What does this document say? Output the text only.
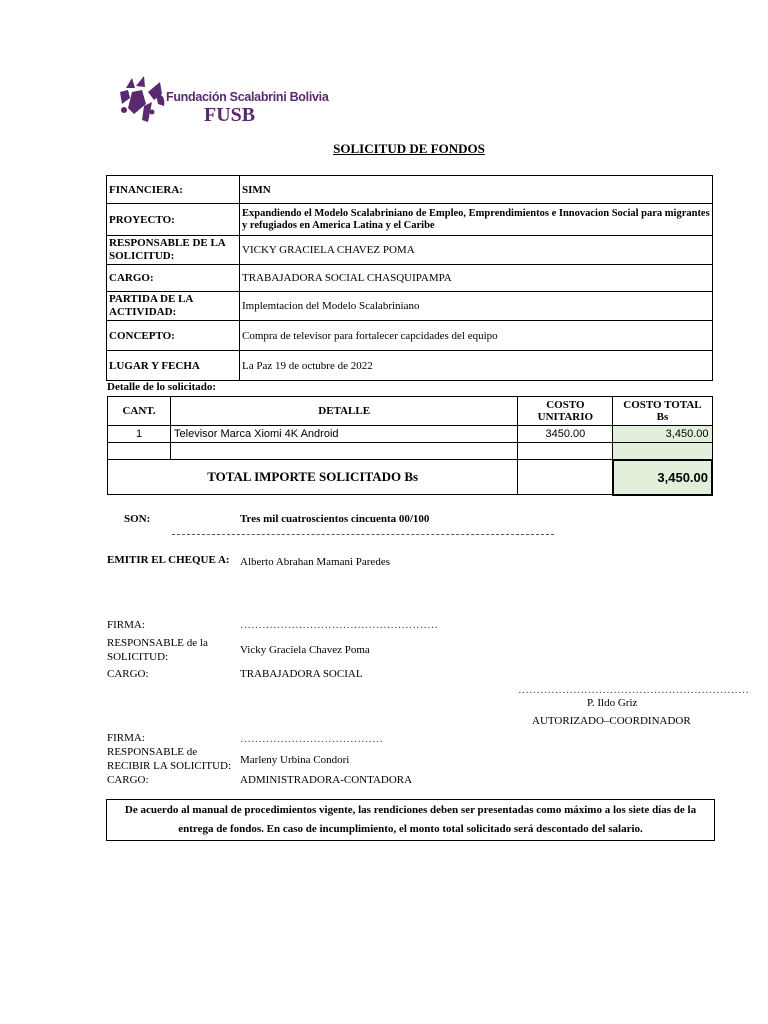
Fundación Scalabrini Bolivia
FUSB
SOLICITUD DE FONDOS
FINANCIERA:	SIMN
PROYECTO:	Expandiendo el Modelo Scalabriniano de Empleo, Emprendimientos e Innovacion Social para migrantes y refugiados en America Latina y el Caribe
RESPONSABLE DE LA SOLICITUD:	VICKY GRACIELA CHAVEZ POMA
CARGO:	TRABAJADORA SOCIAL CHASQUIPAMPA
PARTIDA DE LA ACTIVIDAD:	Implemtacion del Modelo Scalabriniano
CONCEPTO:	Compra de televisor para fortalecer capcidades del equipo
LUGAR Y FECHA	La Paz 19 de octubre de 2022
Detalle de lo solicitado:
CANT.	DETALLE	COSTO UNITARIO	COSTO TOTAL Bs
1	Televisor Marca Xiomi 4K Android	3450.00	3,450.00

TOTAL IMPORTE SOLICITADO Bs			3,450.00
SON:	Tres mil cuatroscientos cincuenta 00/100
EMITIR EL CHEQUE A: Alberto Abrahan Mamani Paredes
FIRMA:	………………………………………………
RESPONSABLE de la SOLICITUD:
Vicky Graciela Chavez Poma
CARGO:	TRABAJADORA SOCIAL
………………………………………………………
P. Ildo Griz
AUTORIZADO–COORDINADOR
FIRMA:	…………………………………
RESPONSABLE de RECIBIR LA SOLICITUD: Marleny Urbina Condori
CARGO:	ADMINISTRADORA-CONTADORA
De acuerdo al manual de procedimientos vigente, las rendiciones deben ser presentadas como máximo a los siete días de la entrega de fondos. En caso de incumplimiento, el monto total solicitado será descontado del salario.
